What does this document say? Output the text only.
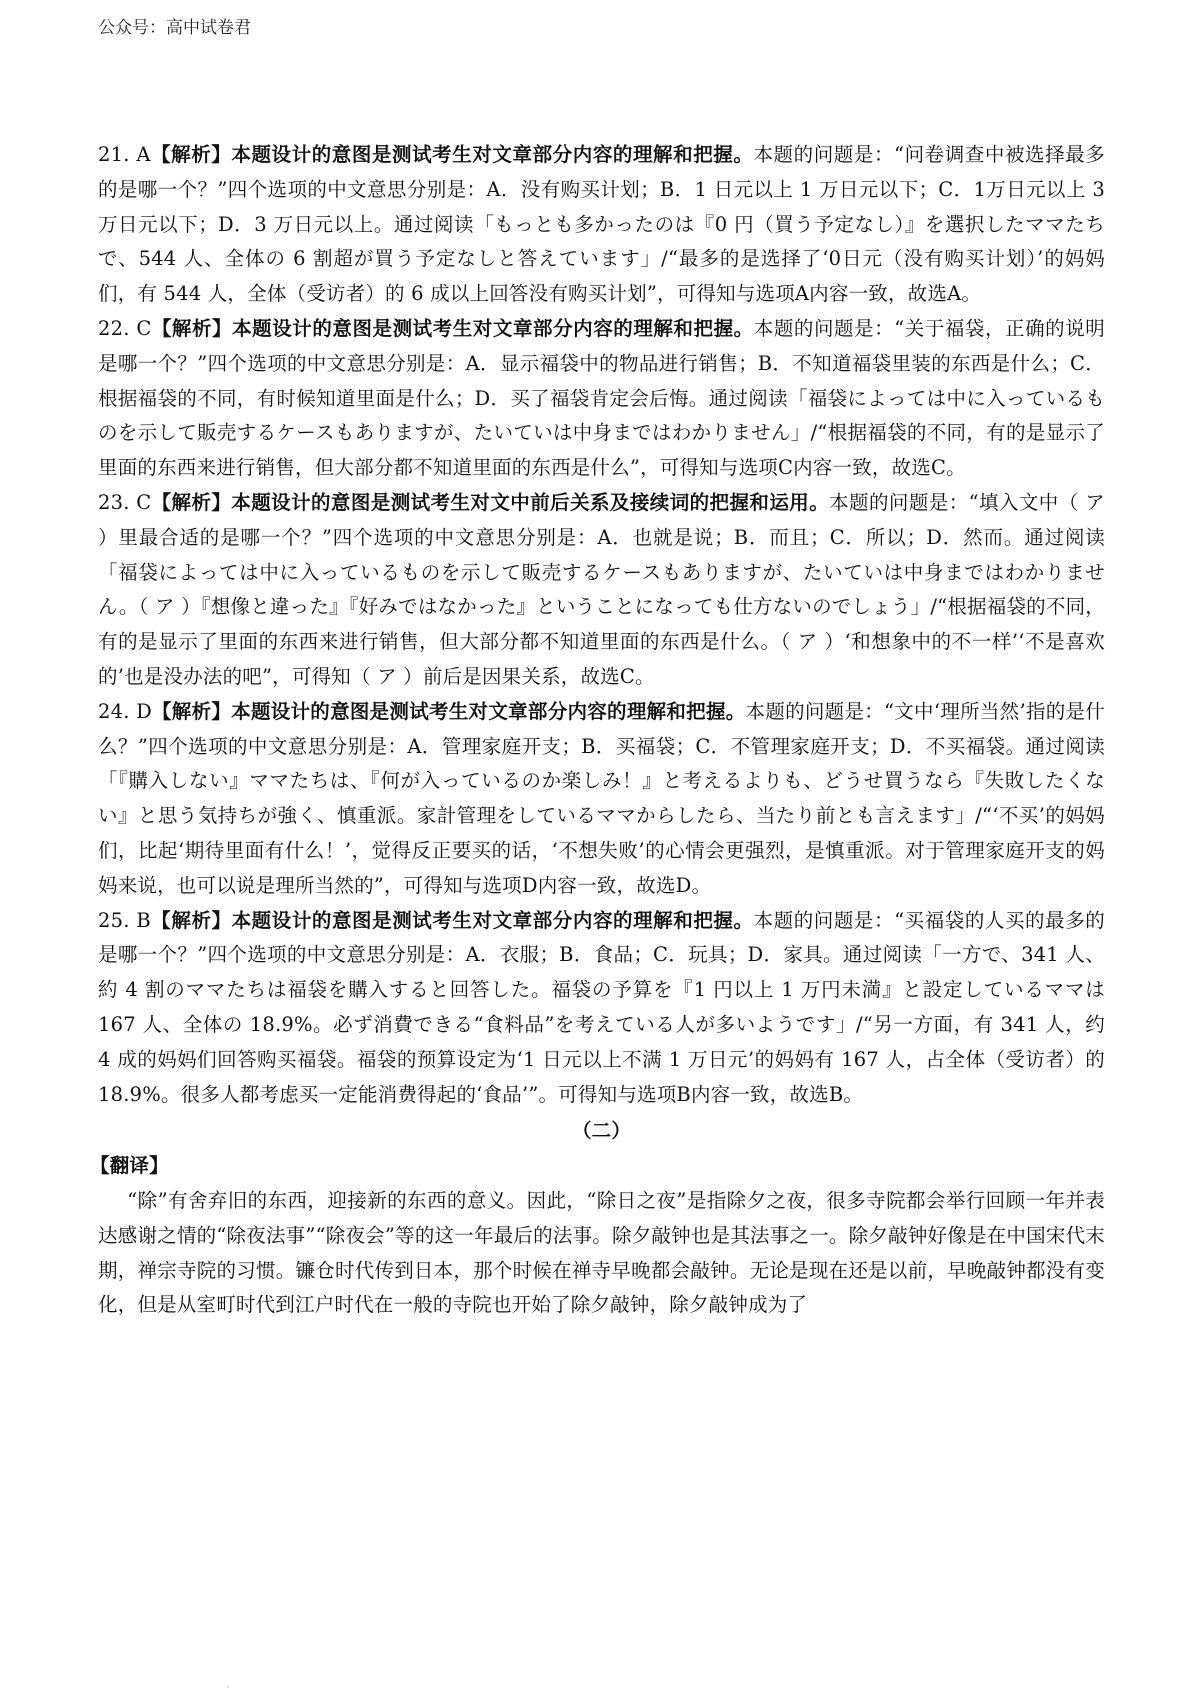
公众号：高中试卷君

21. A【解析】本题设计的意图是测试考生对文章部分内容的理解和把握。本题的问题是：“问卷调查中被选择最多的是哪一个？”四个选项的中文意思分别是：A．没有购买计划；B．1 日元以上 1 万日元以下；C．1万日元以上 3 万日元以下；D．3 万日元以上。通过阅读「もっとも多かったのは『0 円（買う予定なし）』を選択したママたちで、544 人、全体の 6 割超が買う予定なしと答えています」/“最多的是选择了‘0日元（没有购买计划）’的妈妈们，有 544 人，全体（受访者）的 6 成以上回答没有购买计划”，可得知与选项A内容一致，故选A。

22. C【解析】本题设计的意图是测试考生对文章部分内容的理解和把握。本题的问题是：“关于福袋，正确的说明是哪一个？”四个选项的中文意思分别是：A．显示福袋中的物品进行销售；B．不知道福袋里装的东西是什么；C．根据福袋的不同，有时候知道里面是什么；D．买了福袋肯定会后悔。通过阅读「福袋によっては中に入っているものを示して販売するケースもありますが、たいていは中身まではわかりません」/“根据福袋的不同，有的是显示了里面的东西来进行销售，但大部分都不知道里面的东西是什么”，可得知与选项C内容一致，故选C。

23. C【解析】本题设计的意图是测试考生对文中前后关系及接续词的把握和运用。本题的问题是：“填入文中（ ア ）里最合适的是哪一个？”四个选项的中文意思分别是：A．也就是说；B．而且；C．所以；D．然而。通过阅读「福袋によっては中に入っているものを示して販売するケースもありますが、たいていは中身まではわかりません。（ ア ）『想像と違った』『好みではなかった』ということになっても仕方ないのでしょう」/“根据福袋的不同，有的是显示了里面的东西来进行销售，但大部分都不知道里面的东西是什么。（ ア ）‘和想象中的不一样’‘不是喜欢的’也是没办法的吧”，可得知（ ア ）前后是因果关系，故选C。

24. D【解析】本题设计的意图是测试考生对文章部分内容的理解和把握。本题的问题是：“文中‘理所当然’指的是什么？”四个选项的中文意思分别是：A．管理家庭开支；B．买福袋；C．不管理家庭开支；D．不买福袋。通过阅读「『購入しない』ママたちは、『何が入っているのか楽しみ！』と考えるよりも、どうせ買うなら『失敗したくない』と思う気持ちが強く、慎重派。家計管理をしているママからしたら、当たり前とも言えます」/“‘不买’的妈妈们，比起‘期待里面有什么！’，觉得反正要买的话，‘不想失败’的心情会更强烈，是慎重派。对于管理家庭开支的妈妈来说，也可以说是理所当然的”，可得知与选项D内容一致，故选D。

25. B【解析】本题设计的意图是测试考生对文章部分内容的理解和把握。本题的问题是：“买福袋的人买的最多的是哪一个？”四个选项的中文意思分别是：A．衣服；B．食品；C．玩具；D．家具。通过阅读「一方で、341 人、約 4 割のママたちは福袋を購入すると回答した。福袋の予算を『1 円以上 1 万円未満』と設定しているママは 167 人、全体の 18.9%。必ず消費できる“食料品”を考えている人が多いようです」/“另一方面，有 341 人，约 4 成的妈妈们回答购买福袋。福袋的预算设定为‘1 日元以上不满 1 万日元’的妈妈有 167 人，占全体（受访者）的 18.9%。很多人都考虑买一定能消费得起的‘食品’”。可得知与选项B内容一致，故选B。

（二）

【翻译】

“除”有舍弃旧的东西，迎接新的东西的意义。因此，“除日之夜”是指除夕之夜，很多寺院都会举行回顾一年并表达感谢之情的“除夜法事”“除夜会”等的这一年最后的法事。除夕敲钟也是其法事之一。除夕敲钟好像是在中国宋代末期，禅宗寺院的习惯。镰仓时代传到日本，那个时候在禅寺早晚都会敲钟。无论是现在还是以前，早晚敲钟都没有变化，但是从室町时代到江户时代在一般的寺院也开始了除夕敲钟，除夕敲钟成为了

.
